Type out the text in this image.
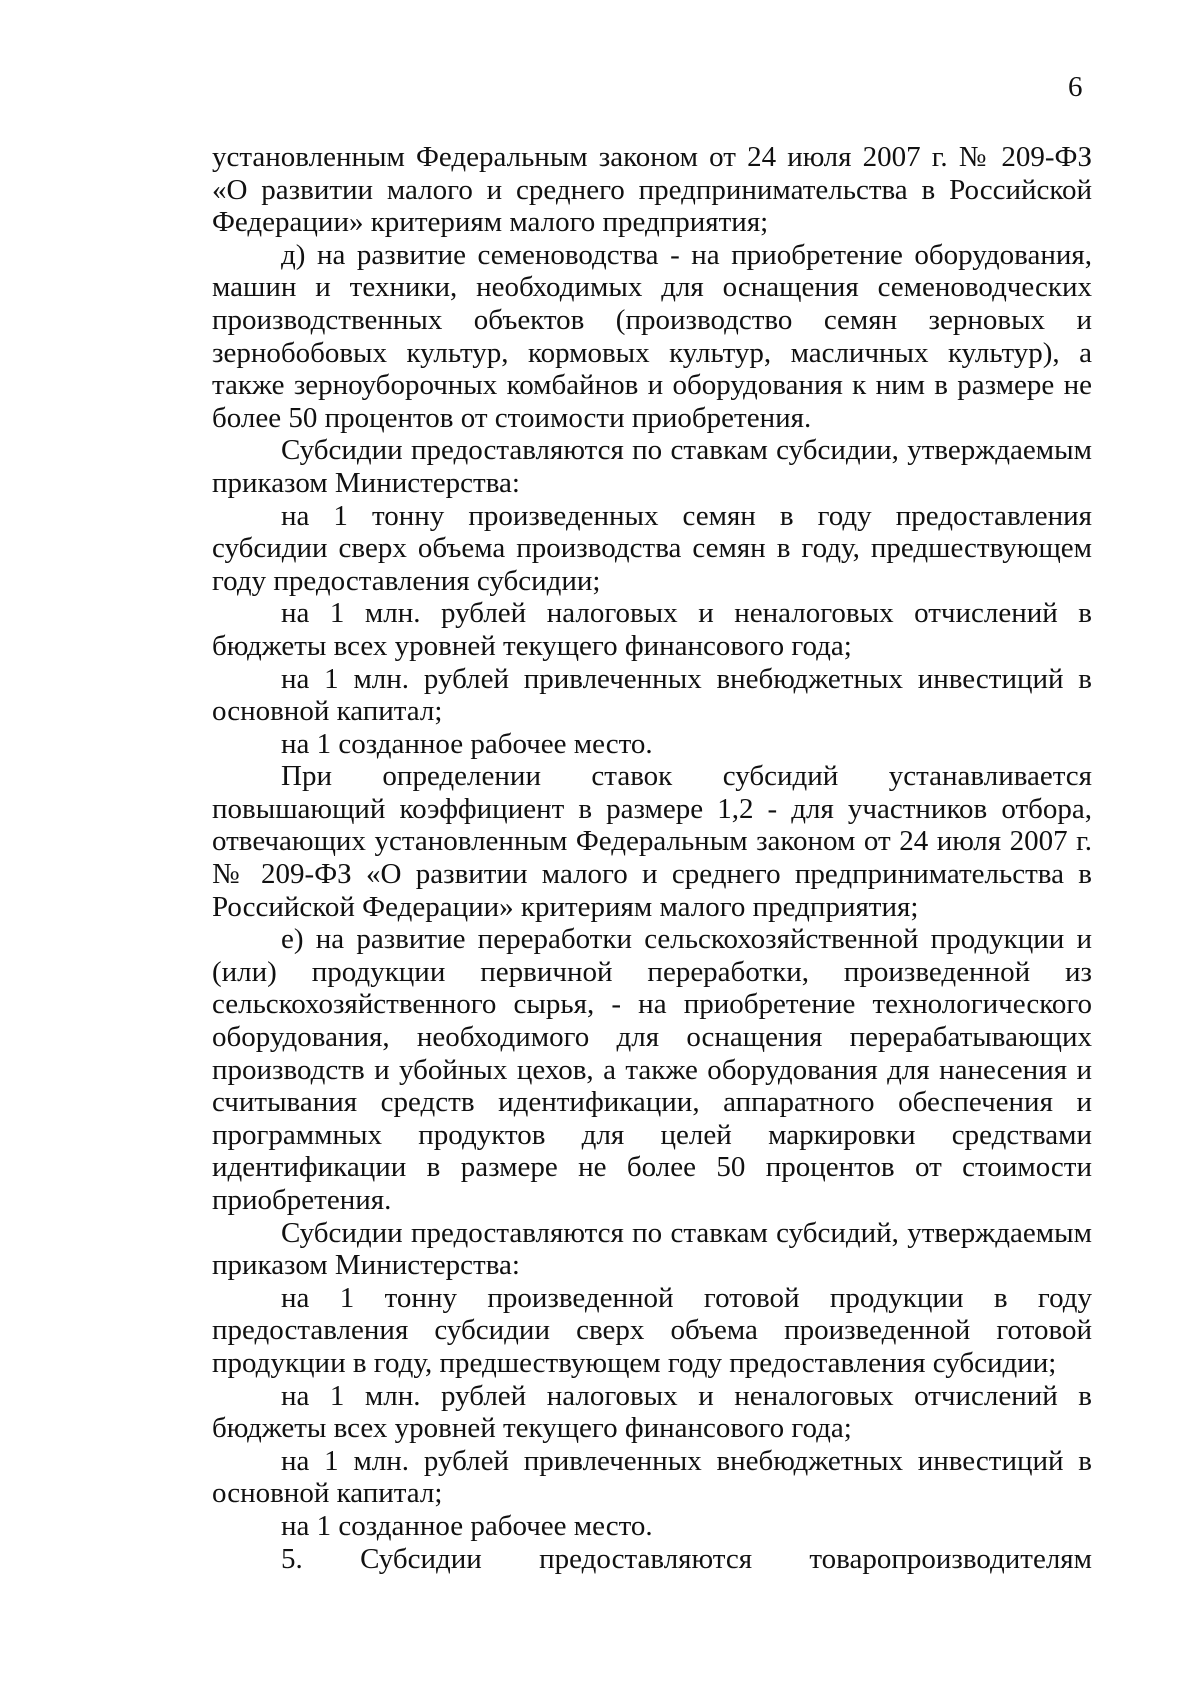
6

установленным Федеральным законом от 24 июля 2007 г. № 209-ФЗ «О развитии малого и среднего предпринимательства в Российской Федерации» критериям малого предприятия;

д) на развитие семеноводства - на приобретение оборудования, машин и техники, необходимых для оснащения семеноводческих производственных объектов (производство семян зерновых и зернобобовых культур, кормовых культур, масличных культур), а также зерноуборочных комбайнов и оборудования к ним в размере не более 50 процентов от стоимости приобретения.

Субсидии предоставляются по ставкам субсидии, утверждаемым приказом Министерства:

на 1 тонну произведенных семян в году предоставления субсидии сверх объема производства семян в году, предшествующем году предоставления субсидии;

на 1 млн. рублей налоговых и неналоговых отчислений в бюджеты всех уровней текущего финансового года;

на 1 млн. рублей привлеченных внебюджетных инвестиций в основной капитал;

на 1 созданное рабочее место.

При определении ставок субсидий устанавливается повышающий коэффициент в размере 1,2 - для участников отбора, отвечающих установленным Федеральным законом от 24 июля 2007 г. № 209-ФЗ «О развитии малого и среднего предпринимательства в Российской Федерации» критериям малого предприятия;

е) на развитие переработки сельскохозяйственной продукции и (или) продукции первичной переработки, произведенной из сельскохозяйственного сырья, - на приобретение технологического оборудования, необходимого для оснащения перерабатывающих производств и убойных цехов, а также оборудования для нанесения и считывания средств идентификации, аппаратного обеспечения и программных продуктов для целей маркировки средствами идентификации в размере не более 50 процентов от стоимости приобретения.

Субсидии предоставляются по ставкам субсидий, утверждаемым приказом Министерства:

на 1 тонну произведенной готовой продукции в году предоставления субсидии сверх объема произведенной готовой продукции в году, предшествующем году предоставления субсидии;

на 1 млн. рублей налоговых и неналоговых отчислений в бюджеты всех уровней текущего финансового года;

на 1 млн. рублей привлеченных внебюджетных инвестиций в основной капитал;

на 1 созданное рабочее место.

5. Субсидии предоставляются товаропроизводителям
